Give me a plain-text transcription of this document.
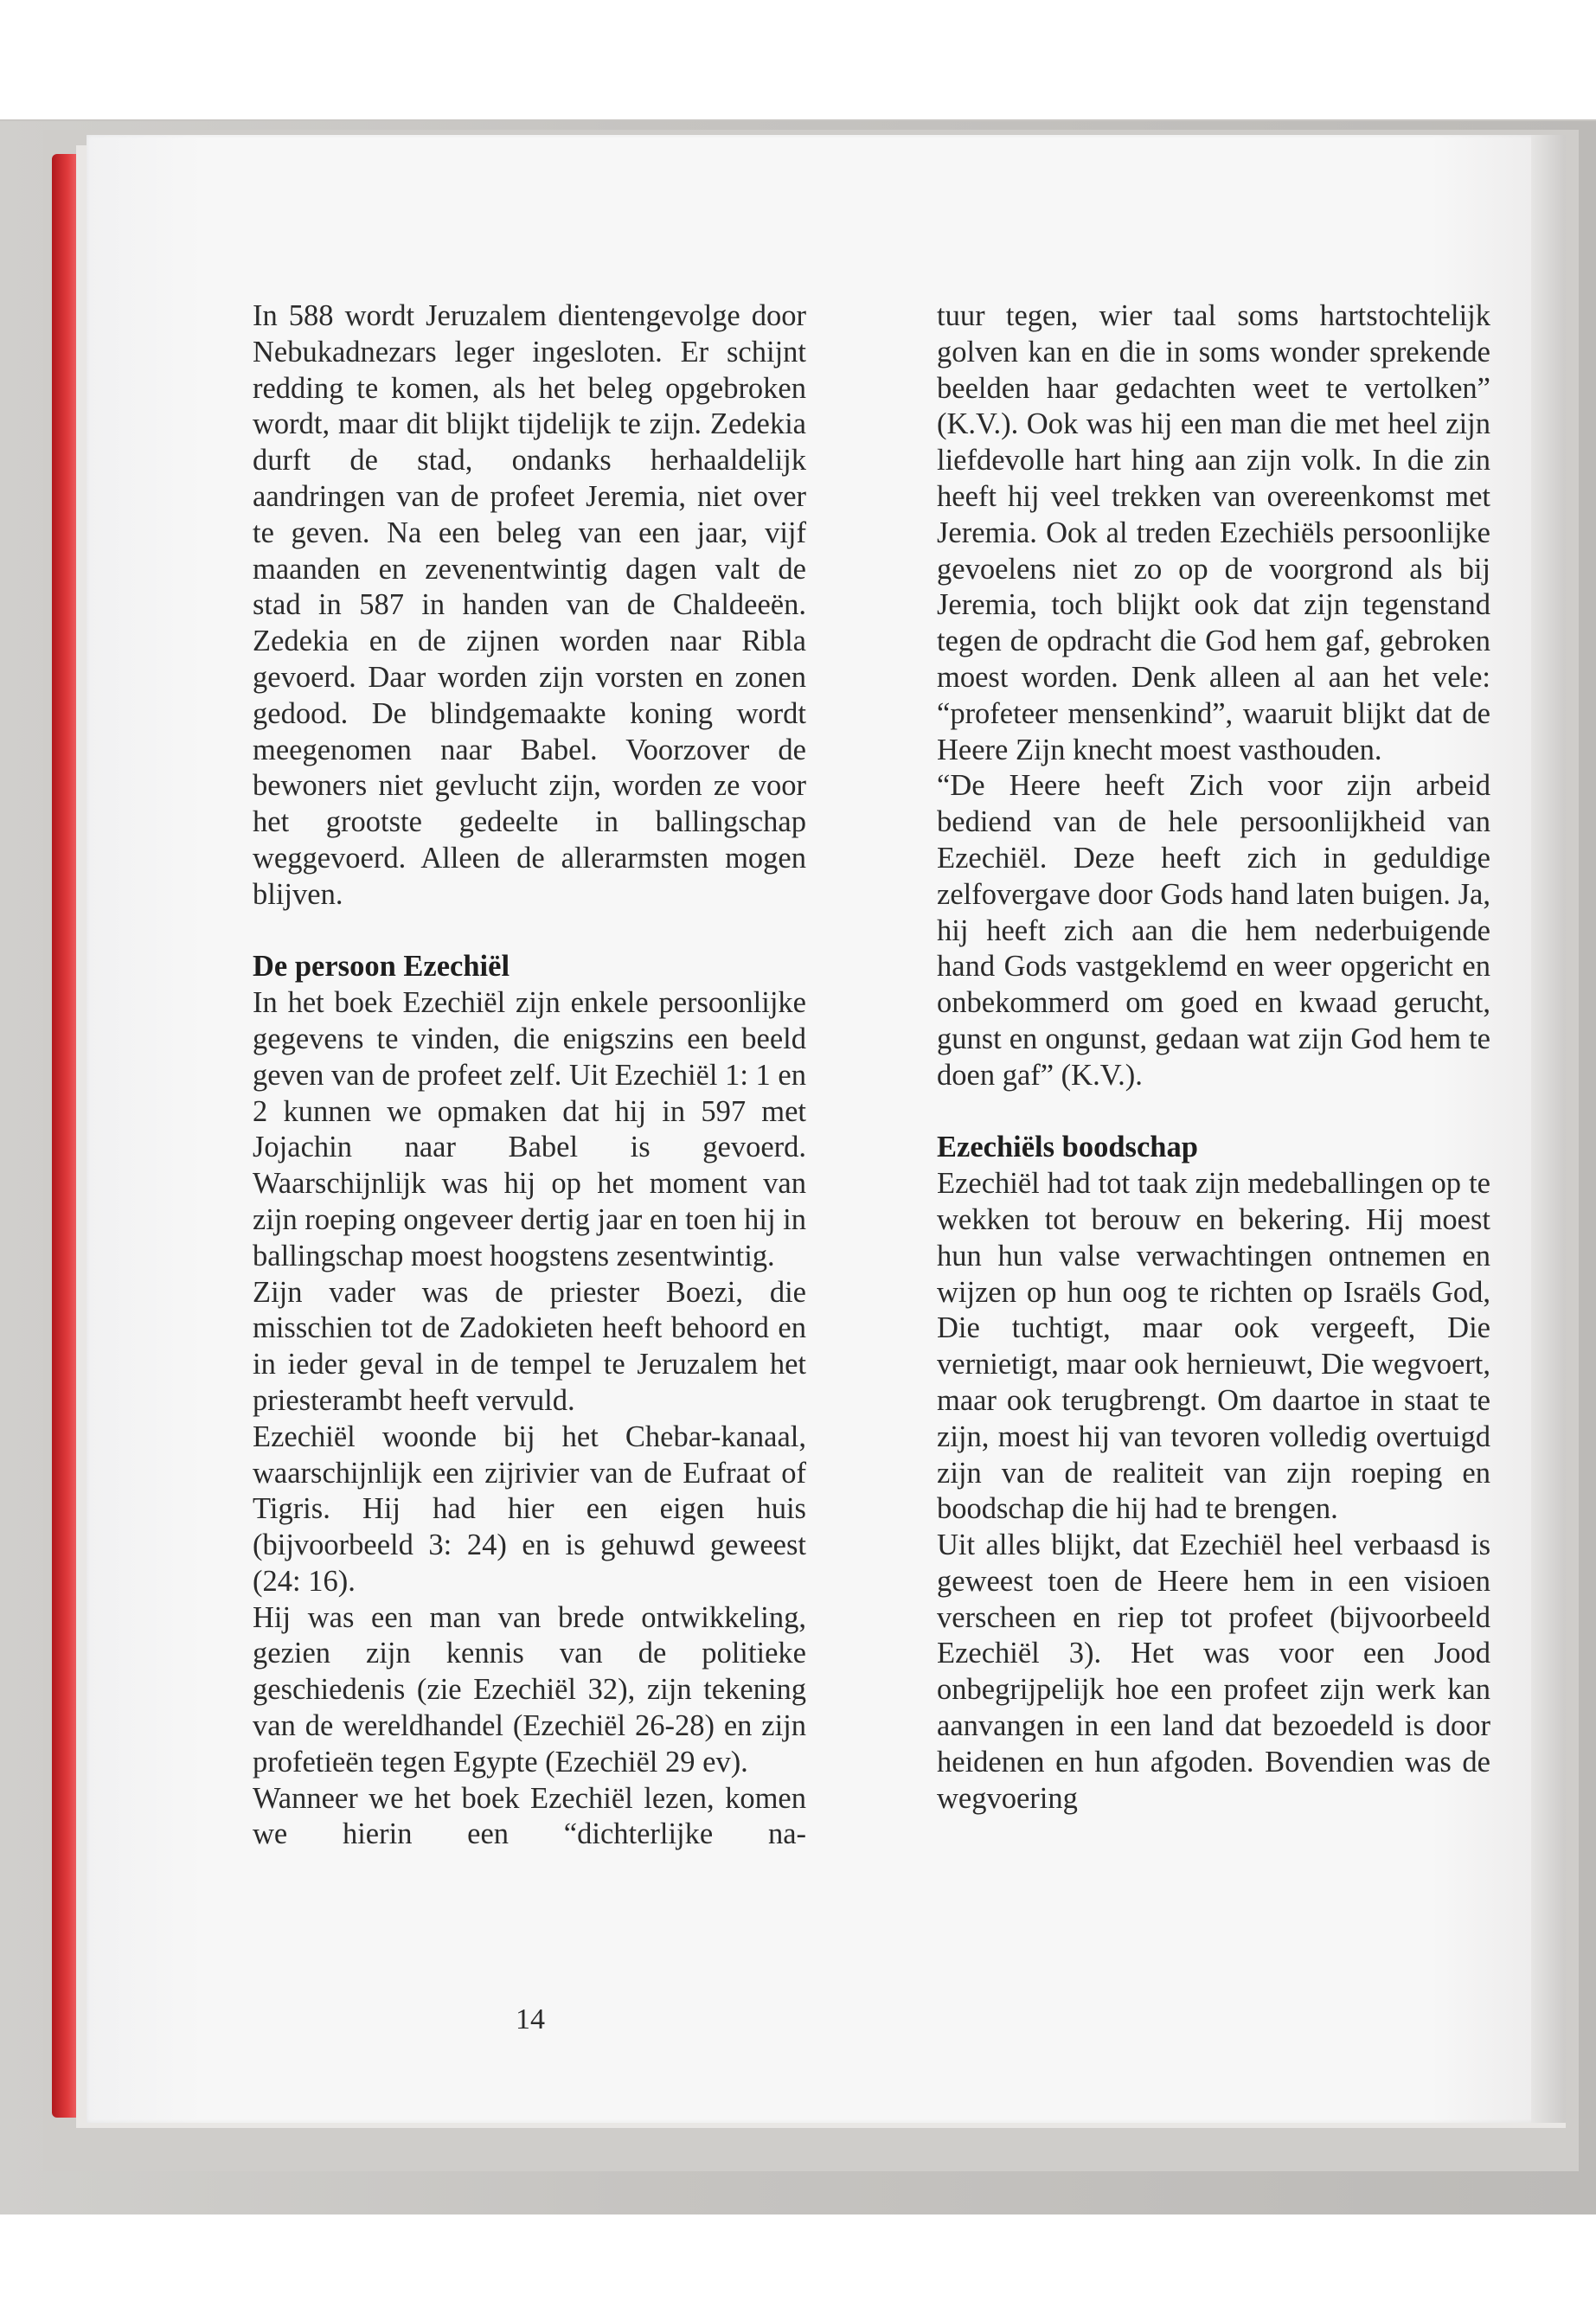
In 588 wordt Jeruzalem dientengevolge door Nebukadnezars leger ingesloten. Er schijnt redding te komen, als het beleg opgebroken wordt, maar dit blijkt tijdelijk te zijn. Zedekia durft de stad, ondanks herhaaldelijk aandringen van de profeet Jeremia, niet over te geven. Na een beleg van een jaar, vijf maanden en zevenentwintig dagen valt de stad in 587 in handen van de Chaldeeën. Zedekia en de zijnen worden naar Ribla gevoerd. Daar worden zijn vorsten en zonen gedood. De blindgemaakte koning wordt meegenomen naar Babel. Voorzover de bewoners niet gevlucht zijn, worden ze voor het grootste gedeelte in ballingschap weggevoerd. Alleen de allerarmsten mogen blijven.

De persoon Ezechiël

In het boek Ezechiël zijn enkele persoonlijke gegevens te vinden, die enigszins een beeld geven van de profeet zelf. Uit Ezechiël 1: 1 en 2 kunnen we opmaken dat hij in 597 met Jojachin naar Babel is gevoerd. Waarschijnlijk was hij op het moment van zijn roeping ongeveer dertig jaar en toen hij in ballingschap moest hoogstens zesentwintig.

Zijn vader was de priester Boezi, die misschien tot de Zadokieten heeft behoord en in ieder geval in de tempel te Jeruzalem het priesterambt heeft vervuld.

Ezechiël woonde bij het Chebar-kanaal, waarschijnlijk een zijrivier van de Eufraat of Tigris. Hij had hier een eigen huis (bijvoorbeeld 3: 24) en is gehuwd geweest (24: 16).

Hij was een man van brede ontwikkeling, gezien zijn kennis van de politieke geschiedenis (zie Ezechiël 32), zijn tekening van de wereldhandel (Ezechiël 26-28) en zijn profetieën tegen Egypte (Ezechiël 29 ev).

Wanneer we het boek Ezechiël lezen, komen we hierin een “dichterlijke na-

tuur tegen, wier taal soms hartstochtelijk golven kan en die in soms wonder sprekende beelden haar gedachten weet te vertolken” (K.V.). Ook was hij een man die met heel zijn liefdevolle hart hing aan zijn volk. In die zin heeft hij veel trekken van overeenkomst met Jeremia. Ook al treden Ezechiëls persoonlijke gevoelens niet zo op de voorgrond als bij Jeremia, toch blijkt ook dat zijn tegenstand tegen de opdracht die God hem gaf, gebroken moest worden. Denk alleen al aan het vele: “profeteer mensenkind”, waaruit blijkt dat de Heere Zijn knecht moest vasthouden.

“De Heere heeft Zich voor zijn arbeid bediend van de hele persoonlijkheid van Ezechiël. Deze heeft zich in geduldige zelfovergave door Gods hand laten buigen. Ja, hij heeft zich aan die hem nederbuigende hand Gods vastgeklemd en weer opgericht en onbekommerd om goed en kwaad gerucht, gunst en ongunst, gedaan wat zijn God hem te doen gaf” (K.V.).

Ezechiëls boodschap

Ezechiël had tot taak zijn medeballingen op te wekken tot berouw en bekering. Hij moest hun hun valse verwachtingen ontnemen en wijzen op hun oog te richten op Israëls God, Die tuchtigt, maar ook vergeeft, Die vernietigt, maar ook hernieuwt, Die wegvoert, maar ook terugbrengt. Om daartoe in staat te zijn, moest hij van tevoren volledig overtuigd zijn van de realiteit van zijn roeping en boodschap die hij had te brengen.

Uit alles blijkt, dat Ezechiël heel verbaasd is geweest toen de Heere hem in een visioen verscheen en riep tot profeet (bijvoorbeeld Ezechiël 3). Het was voor een Jood onbegrijpelijk hoe een profeet zijn werk kan aanvangen in een land dat bezoedeld is door heidenen en hun afgoden. Bovendien was de wegvoering

14
